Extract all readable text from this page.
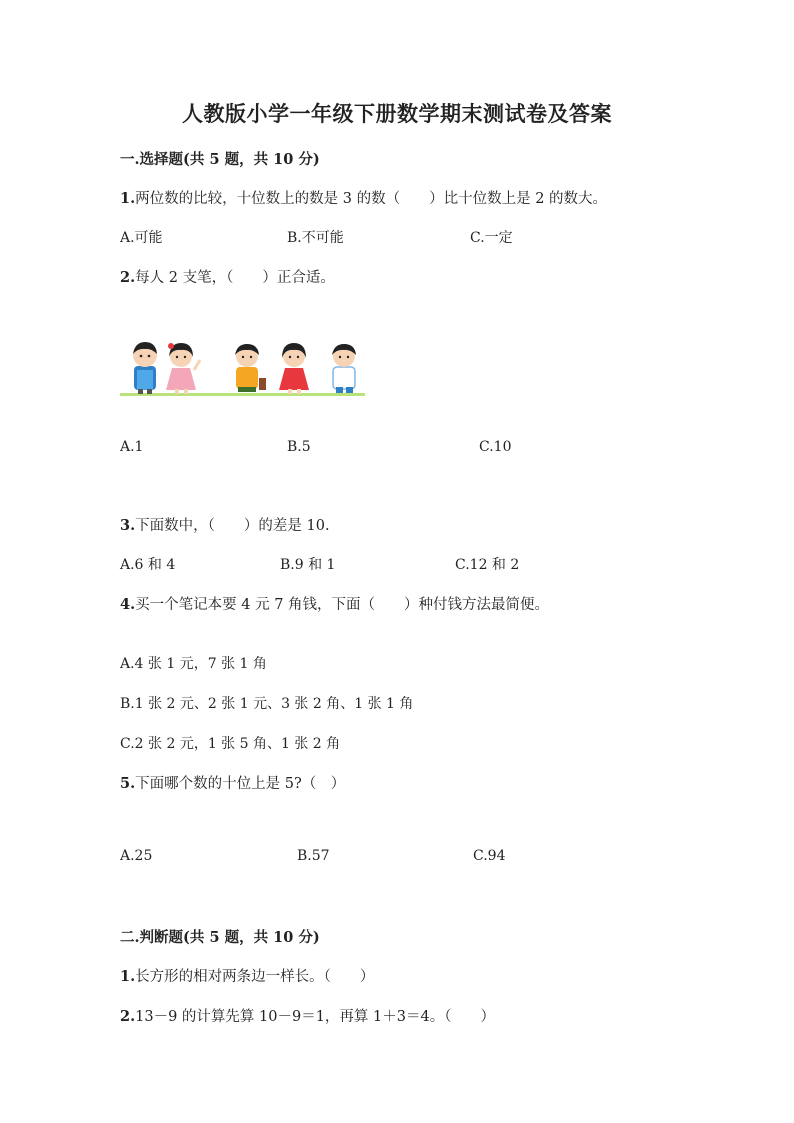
人教版小学一年级下册数学期末测试卷及答案
一.选择题(共 5 题，共 10 分)
1.两位数的比较，十位数上的数是 3 的数（　　）比十位数上是 2 的数大。
A.可能	B.不可能	C.一定
2.每人 2 支笔，（　　）正合适。
A.1	B.5	C.10
3.下面数中，（　　）的差是 10.
A.6 和 4	B.9 和 1	C.12 和 2
4.买一个笔记本要 4 元 7 角钱，下面（　　）种付钱方法最简便。
A.4 张 1 元，7 张 1 角
B.1 张 2 元、2 张 1 元、3 张 2 角、1 张 1 角
C.2 张 2 元，1 张 5 角、1 张 2 角
5.下面哪个数的十位上是 5?（　）
A.25	B.57	C.94
二.判断题(共 5 题，共 10 分)
1.长方形的相对两条边一样长。（　　）
2.13－9 的计算先算 10－9＝1，再算 1＋3＝4。（　　）
